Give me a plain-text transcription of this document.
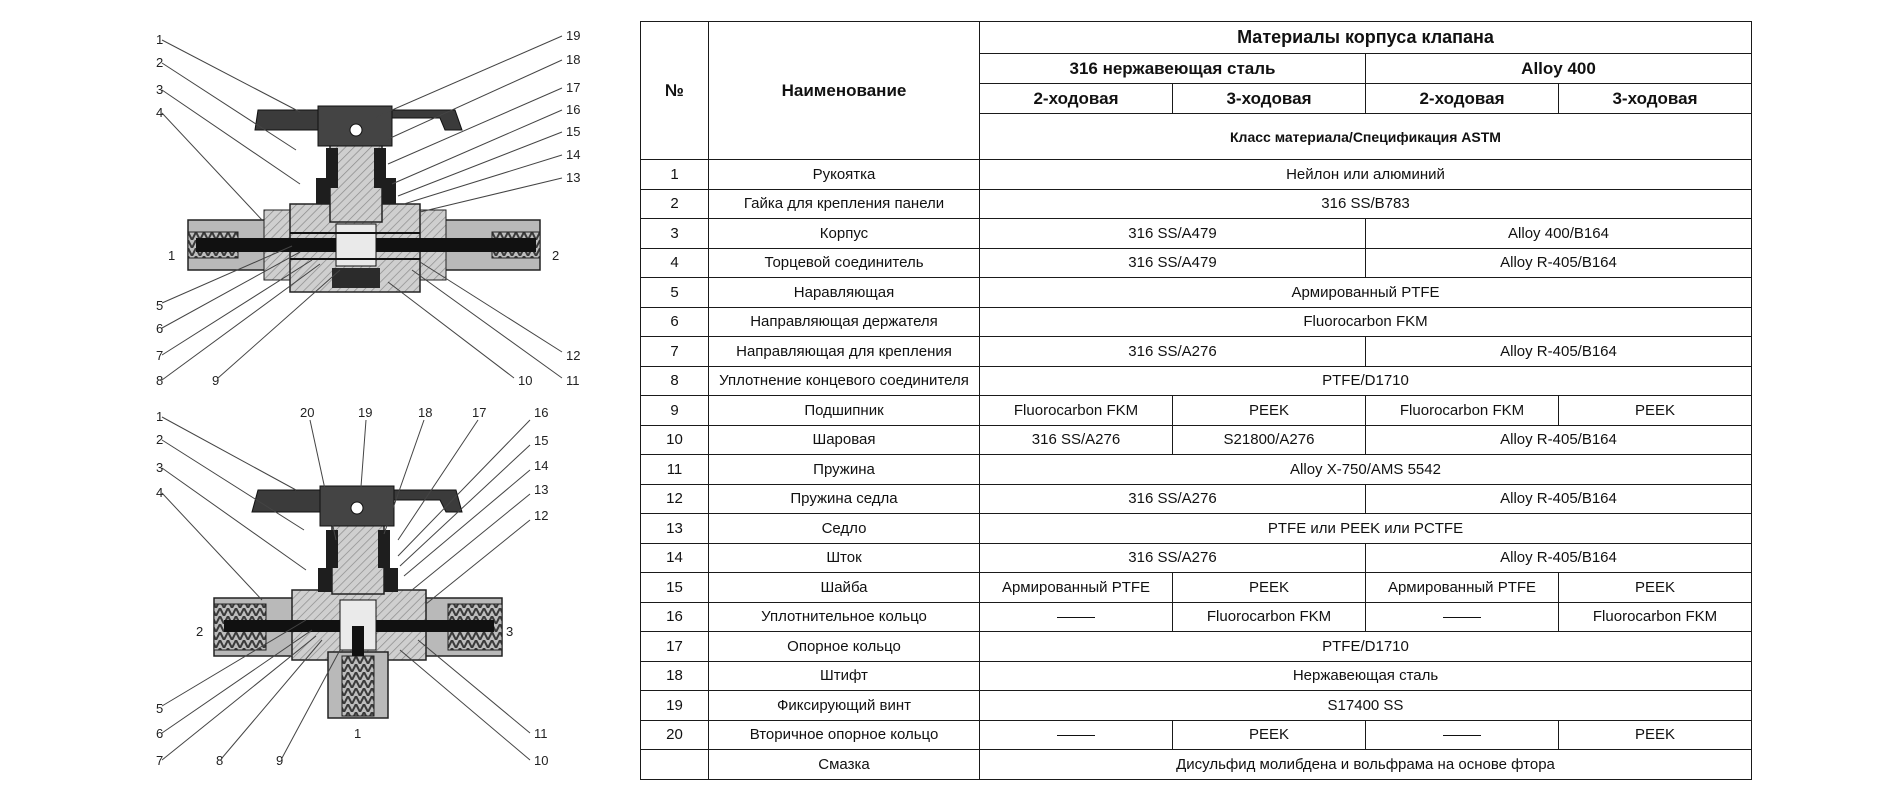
1	2
1
2
3
4
5
6
7
8	9
19
18
17
16
15
14
13
12
11
10
2	3
1
1
2
3
4
5
6
7	8	9
20	19	18	17	16
15
14
13
12
11
10
№	Наименование	Материалы корпуса клапана			
		316 нержавеющая сталь		Alloy 400	
		2-ходовая	3-ходовая	2-ходовая	3-ходовая
		Класс материала/Спецификация ASTM			
1	Рукоятка	Нейлон или алюминий			
2	Гайка для крепления панели	316 SS/B783			
3	Корпус	316 SS/A479		Alloy 400/B164	
4	Торцевой соединитель	316 SS/A479		Alloy R-405/B164	
5	Наравляющая	Армированный PTFE			
6	Направляющая держателя	Fluorocarbon FKM			
7	Направляющая для крепления	316 SS/A276		Alloy R-405/B164	
8	Уплотнение концевого соединителя	PTFE/D1710			
9	Подшипник	Fluorocarbon FKM	PEEK	Fluorocarbon FKM	PEEK
10	Шаровая	316 SS/A276	S21800/A276	Alloy R-405/B164	
11	Пружина	Alloy X-750/AMS 5542			
12	Пружина седла	316 SS/A276		Alloy R-405/B164	
13	Седло	PTFE или PEEK или PCTFE			
14	Шток	316 SS/A276		Alloy R-405/B164	
15	Шайба	Армированный PTFE	PEEK	Армированный PTFE	PEEK
16	Уплотнительное кольцо		Fluorocarbon FKM		Fluorocarbon FKM
17	Опорное кольцо	PTFE/D1710			
18	Штифт	Нержавеющая сталь			
19	Фиксирующий винт	S17400 SS			
20	Вторичное опорное кольцо		PEEK		PEEK
	Смазка	Дисульфид молибдена и вольфрама на основе фтора			
